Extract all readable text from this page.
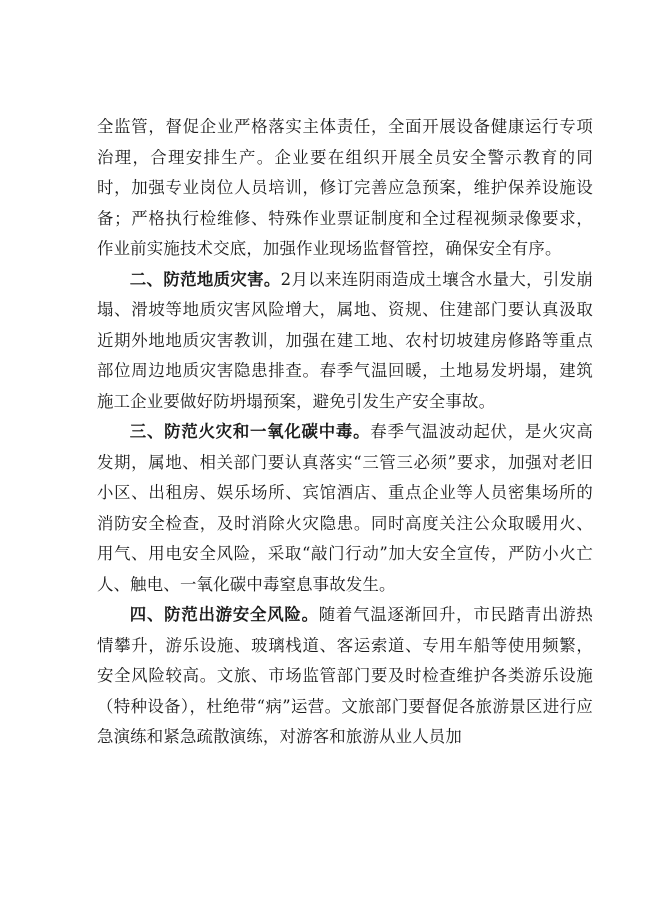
全监管，督促企业严格落实主体责任，全面开展设备健康运行专项治理，合理安排生产。企业要在组织开展全员安全警示教育的同时，加强专业岗位人员培训，修订完善应急预案，维护保养设施设备；严格执行检维修、特殊作业票证制度和全过程视频录像要求，作业前实施技术交底，加强作业现场监督管控，确保安全有序。

二、防范地质灾害。2月以来连阴雨造成土壤含水量大，引发崩塌、滑坡等地质灾害风险增大，属地、资规、住建部门要认真汲取近期外地地质灾害教训，加强在建工地、农村切坡建房修路等重点部位周边地质灾害隐患排查。春季气温回暖，土地易发坍塌，建筑施工企业要做好防坍塌预案，避免引发生产安全事故。

三、防范火灾和一氧化碳中毒。春季气温波动起伏，是火灾高发期，属地、相关部门要认真落实“三管三必须”要求，加强对老旧小区、出租房、娱乐场所、宾馆酒店、重点企业等人员密集场所的消防安全检查，及时消除火灾隐患。同时高度关注公众取暖用火、用气、用电安全风险，采取“敲门行动”加大安全宣传，严防小火亡人、触电、一氧化碳中毒窒息事故发生。

四、防范出游安全风险。随着气温逐渐回升，市民踏青出游热情攀升，游乐设施、玻璃栈道、客运索道、专用车船等使用频繁，安全风险较高。文旅、市场监管部门要及时检查维护各类游乐设施（特种设备），杜绝带“病”运营。文旅部门要督促各旅游景区进行应急演练和紧急疏散演练，对游客和旅游从业人员加
